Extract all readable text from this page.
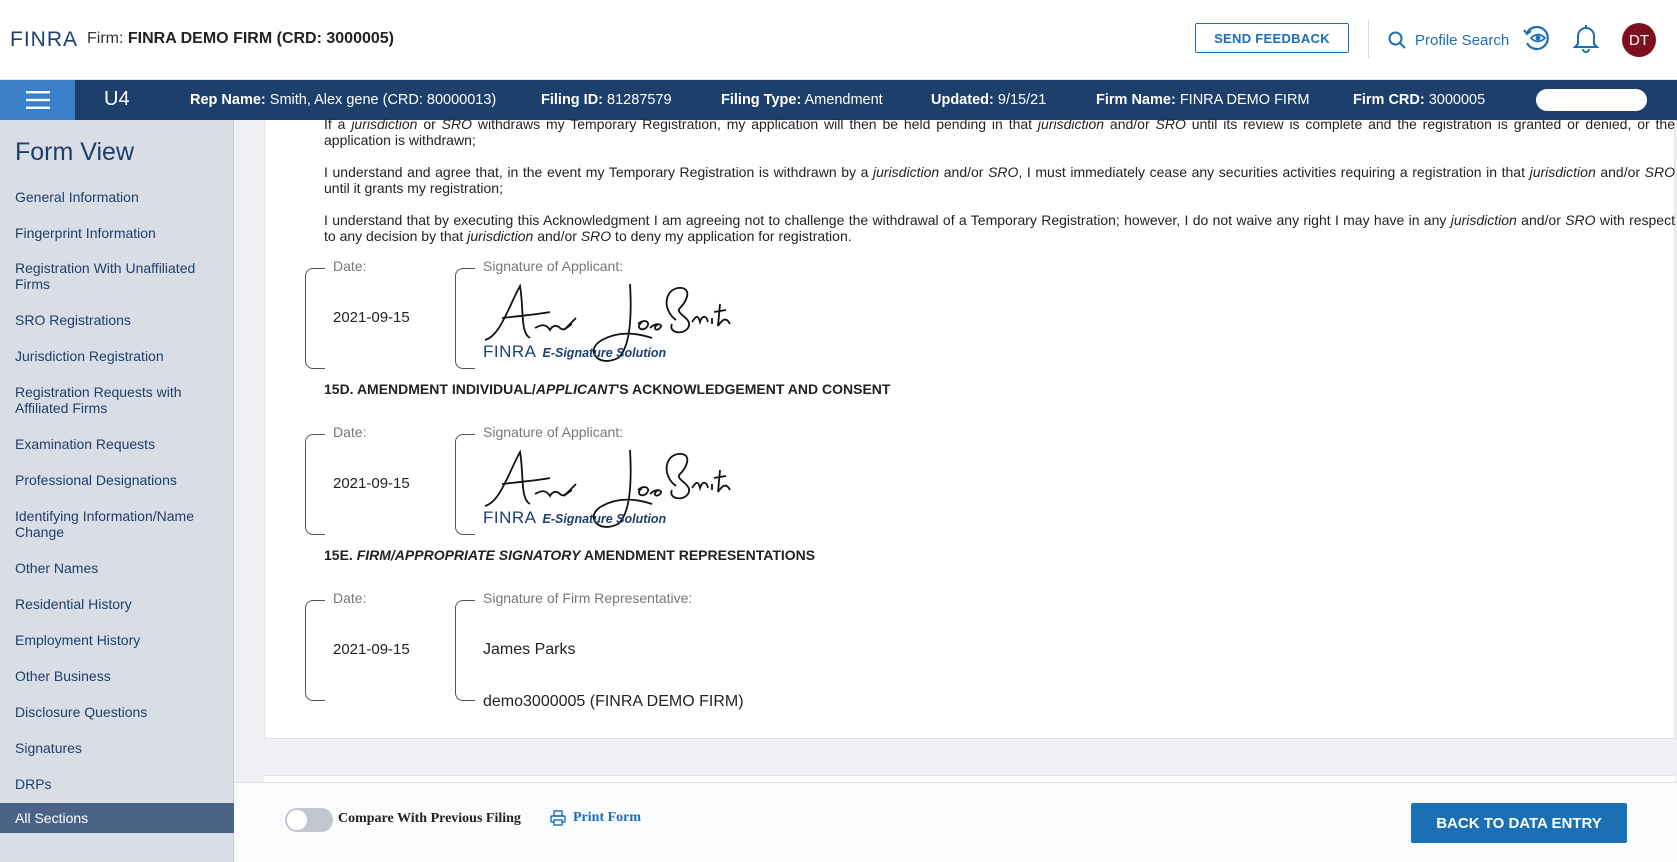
FINRA Firm: FINRA DEMO FIRM (CRD: 3000005)	SEND FEEDBACK	Profile Search	DT
U4	Rep Name: Smith, Alex gene (CRD: 80000013)	Filing ID: 81287579	Filing Type: Amendment	Updated: 9/15/21	Firm Name: FINRA DEMO FIRM	Firm CRD: 3000005
Form View
General Information
Fingerprint Information
Registration With Unaffiliated Firms
SRO Registrations
Jurisdiction Registration
Registration Requests with Affiliated Firms
Examination Requests
Professional Designations
Identifying Information/Name Change
Other Names
Residential History
Employment History
Other Business
Disclosure Questions
Signatures
DRPs
All Sections
If a jurisdiction or SRO withdraws my Temporary Registration, my application will then be held pending in that jurisdiction and/or SRO until its review is complete and the registration is granted or denied, or the application is withdrawn;
I understand and agree that, in the event my Temporary Registration is withdrawn by a jurisdiction and/or SRO, I must immediately cease any securities activities requiring a registration in that jurisdiction and/or SRO until it grants my registration;
I understand that by executing this Acknowledgment I am agreeing not to challenge the withdrawal of a Temporary Registration; however, I do not waive any right I may have in any jurisdiction and/or SRO with respect to any decision by that jurisdiction and/or SRO to deny my application for registration.
Date:
2021-09-15
Signature of Applicant:
FINRA E-Signature Solution
15D. AMENDMENT INDIVIDUAL/APPLICANT'S ACKNOWLEDGEMENT AND CONSENT
Date:
2021-09-15
Signature of Applicant:
FINRA E-Signature Solution
15E. FIRM/APPROPRIATE SIGNATORY AMENDMENT REPRESENTATIONS
Date:
2021-09-15
Signature of Firm Representative:
James Parks
demo3000005 (FINRA DEMO FIRM)
Compare With Previous Filing	Print Form	BACK TO DATA ENTRY
